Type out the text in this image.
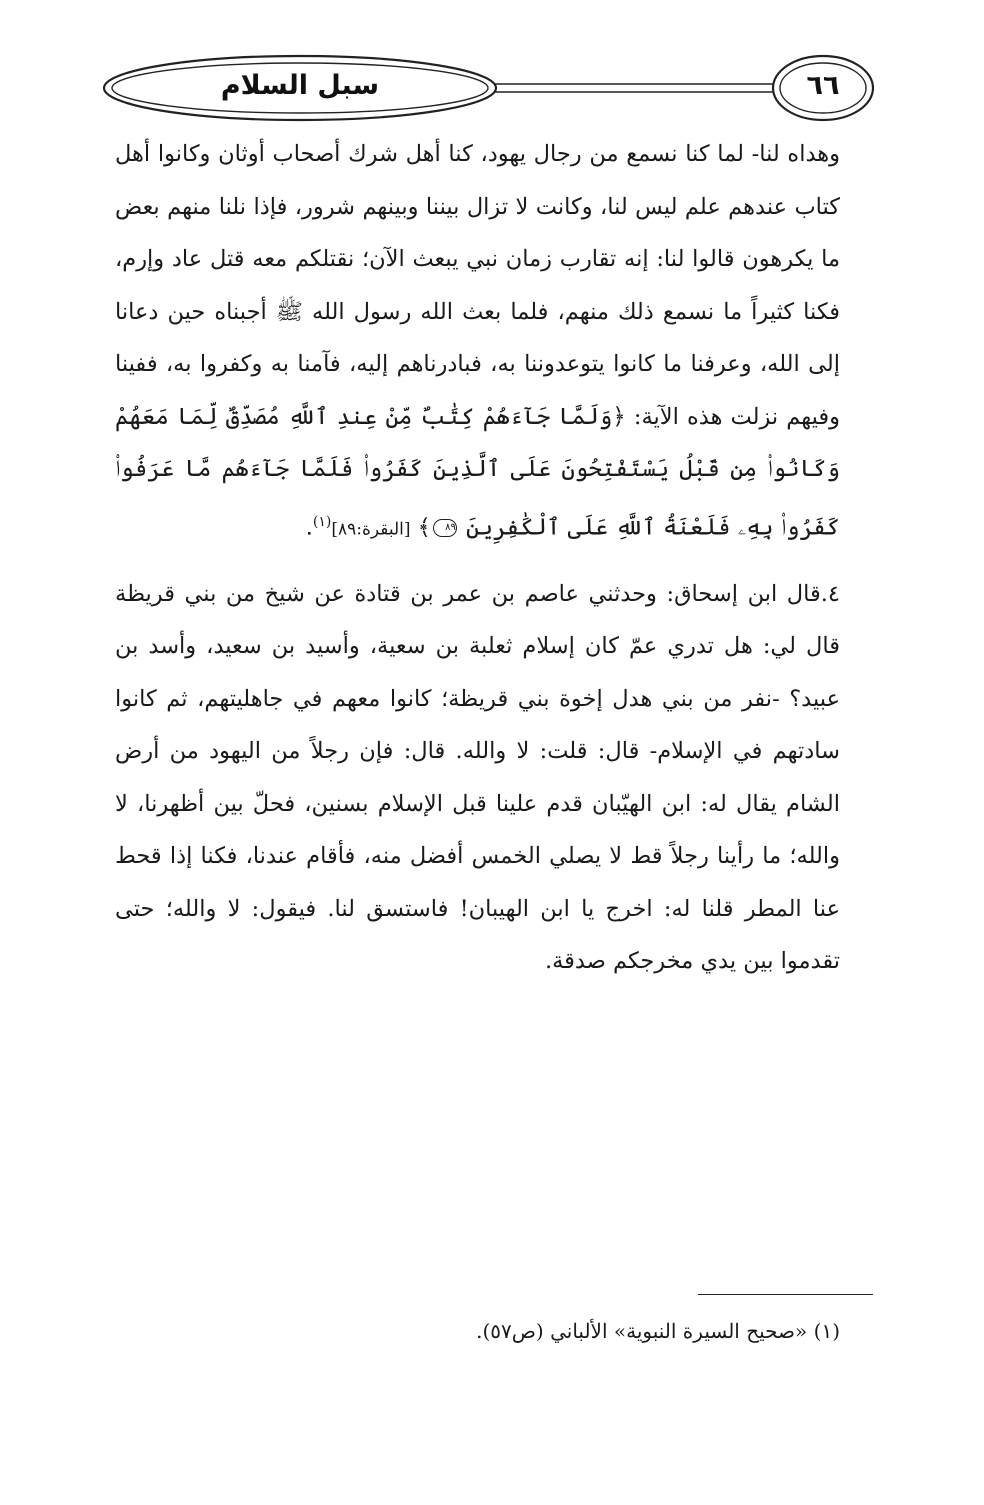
سبل السلام	٦٦

وهداه لنا- لما كنا نسمع من رجال يهود، كنا أهل شرك أصحاب أوثان وكانوا أهل كتاب عندهم علم ليس لنا، وكانت لا تزال بيننا وبينهم شرور، فإذا نلنا منهم بعض ما يكرهون قالوا لنا: إنه تقارب زمان نبي يبعث الآن؛ نقتلكم معه قتل عاد وإرم، فكنا كثيراً ما نسمع ذلك منهم، فلما بعث الله رسول الله ﷺ أجبناه حين دعانا إلى الله، وعرفنا ما كانوا يتوعدوننا به، فبادرناهم إليه، فآمنا به وكفروا به، ففينا وفيهم نزلت هذه الآية: ﴿وَلَمَّا جَآءَهُمْ كِتَٰبٌ مِّنْ عِندِ ٱللَّهِ مُصَدِّقٌ لِّمَا مَعَهُمْ وَكَانُوا۟ مِن قَبْلُ يَسْتَفْتِحُونَ عَلَى ٱلَّذِينَ كَفَرُوا۟ فَلَمَّا جَآءَهُم مَّا عَرَفُوا۟ كَفَرُوا۟ بِهِۦ فَلَعْنَةُ ٱللَّهِ عَلَى ٱلْكَٰفِرِينَ ٨٩﴾ [البقرة:٨٩]$^{(١)}$.

٤.قال ابن إسحاق: وحدثني عاصم بن عمر بن قتادة عن شيخ من بني قريظة قال لي: هل تدري عمّ كان إسلام ثعلبة بن سعية، وأسيد بن سعيد، وأسد بن عبيد؟ -نفر من بني هدل إخوة بني قريظة؛ كانوا معهم في جاهليتهم، ثم كانوا سادتهم في الإسلام- قال: قلت: لا والله. قال: فإن رجلاً من اليهود من أرض الشام يقال له: ابن الهيّبان قدم علينا قبل الإسلام بسنين، فحلّ بين أظهرنا، لا والله؛ ما رأينا رجلاً قط لا يصلي الخمس أفضل منه، فأقام عندنا، فكنا إذا قحط عنا المطر قلنا له: اخرج يا ابن الهيبان! فاستسق لنا. فيقول: لا والله؛ حتى تقدموا بين يدي مخرجكم صدقة.

(١) «صحيح السيرة النبوية» الألباني (ص٥٧).
